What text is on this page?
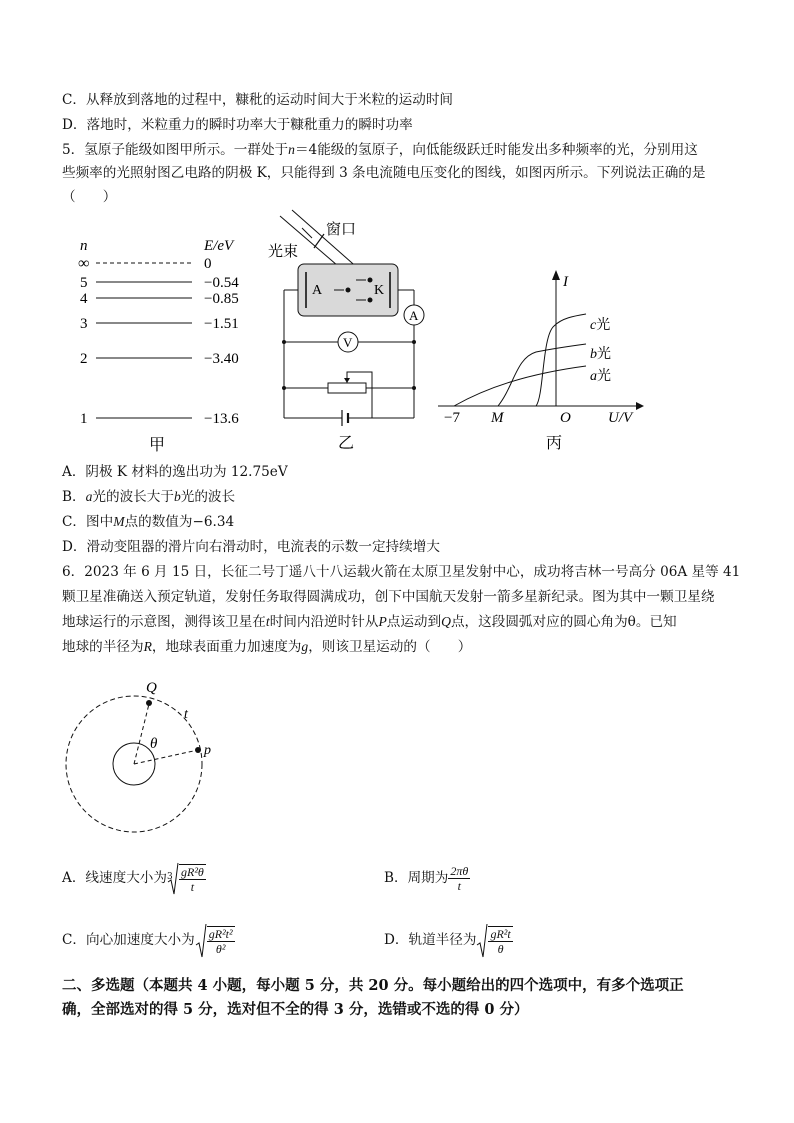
C．从释放到落地的过程中，糠秕的运动时间大于米粒的运动时间
D．落地时，米粒重力的瞬时功率大于糠秕重力的瞬时功率
5．氢原子能级如图甲所示。一群处于n＝4能级的氢原子，向低能级跃迁时能发出多种频率的光，分别用这
些频率的光照射图乙电路的阴极 K，只能得到 3 条电流随电压变化的图线，如图丙所示。下列说法正确的是
（　　）
n	E/eV
∞	0
5	−0.54
4	−0.85
3	−1.51
2	−3.40
1	−13.6
甲
窗口
光束
A	K
A
V
乙
I
U/V
O
−7 M
c光
b光
a光
丙
A．阴极 K 材料的逸出功为 12.75eV
B．a光的波长大于b光的波长
C．图中M点的数值为−6.34
D．滑动变阻器的滑片向右滑动时，电流表的示数一定持续增大
6．2023 年 6 月 15 日，长征二号丁遥八十八运载火箭在太原卫星发射中心，成功将吉林一号高分 06A 星等 41
颗卫星准确送入预定轨道，发射任务取得圆满成功，创下中国航天发射一箭多星新纪录。图为其中一颗卫星绕
地球运行的示意图，测得该卫星在t时间内沿逆时针从P点运动到Q点，这段圆弧对应的圆心角为θ。已知
地球的半径为R，地球表面重力加速度为g，则该卫星运动的（　　）
Q
t
θ	p
A．线速度大小为 $3 \frac{\text{gR²θ}}{t}$	B．周期为 $\frac{2\pi\theta}{t}$
C．向心加速度大小为 $\frac{\text{gR²t²}}{\text{θ²}}$	D．轨道半径为 $\frac{\text{gR²t}}{\theta}$
二、多选题（本题共 4 小题，每小题 5 分，共 20 分。每小题给出的四个选项中，有多个选项正
确，全部选对的得 5 分，选对但不全的得 3 分，选错或不选的得 0 分）
